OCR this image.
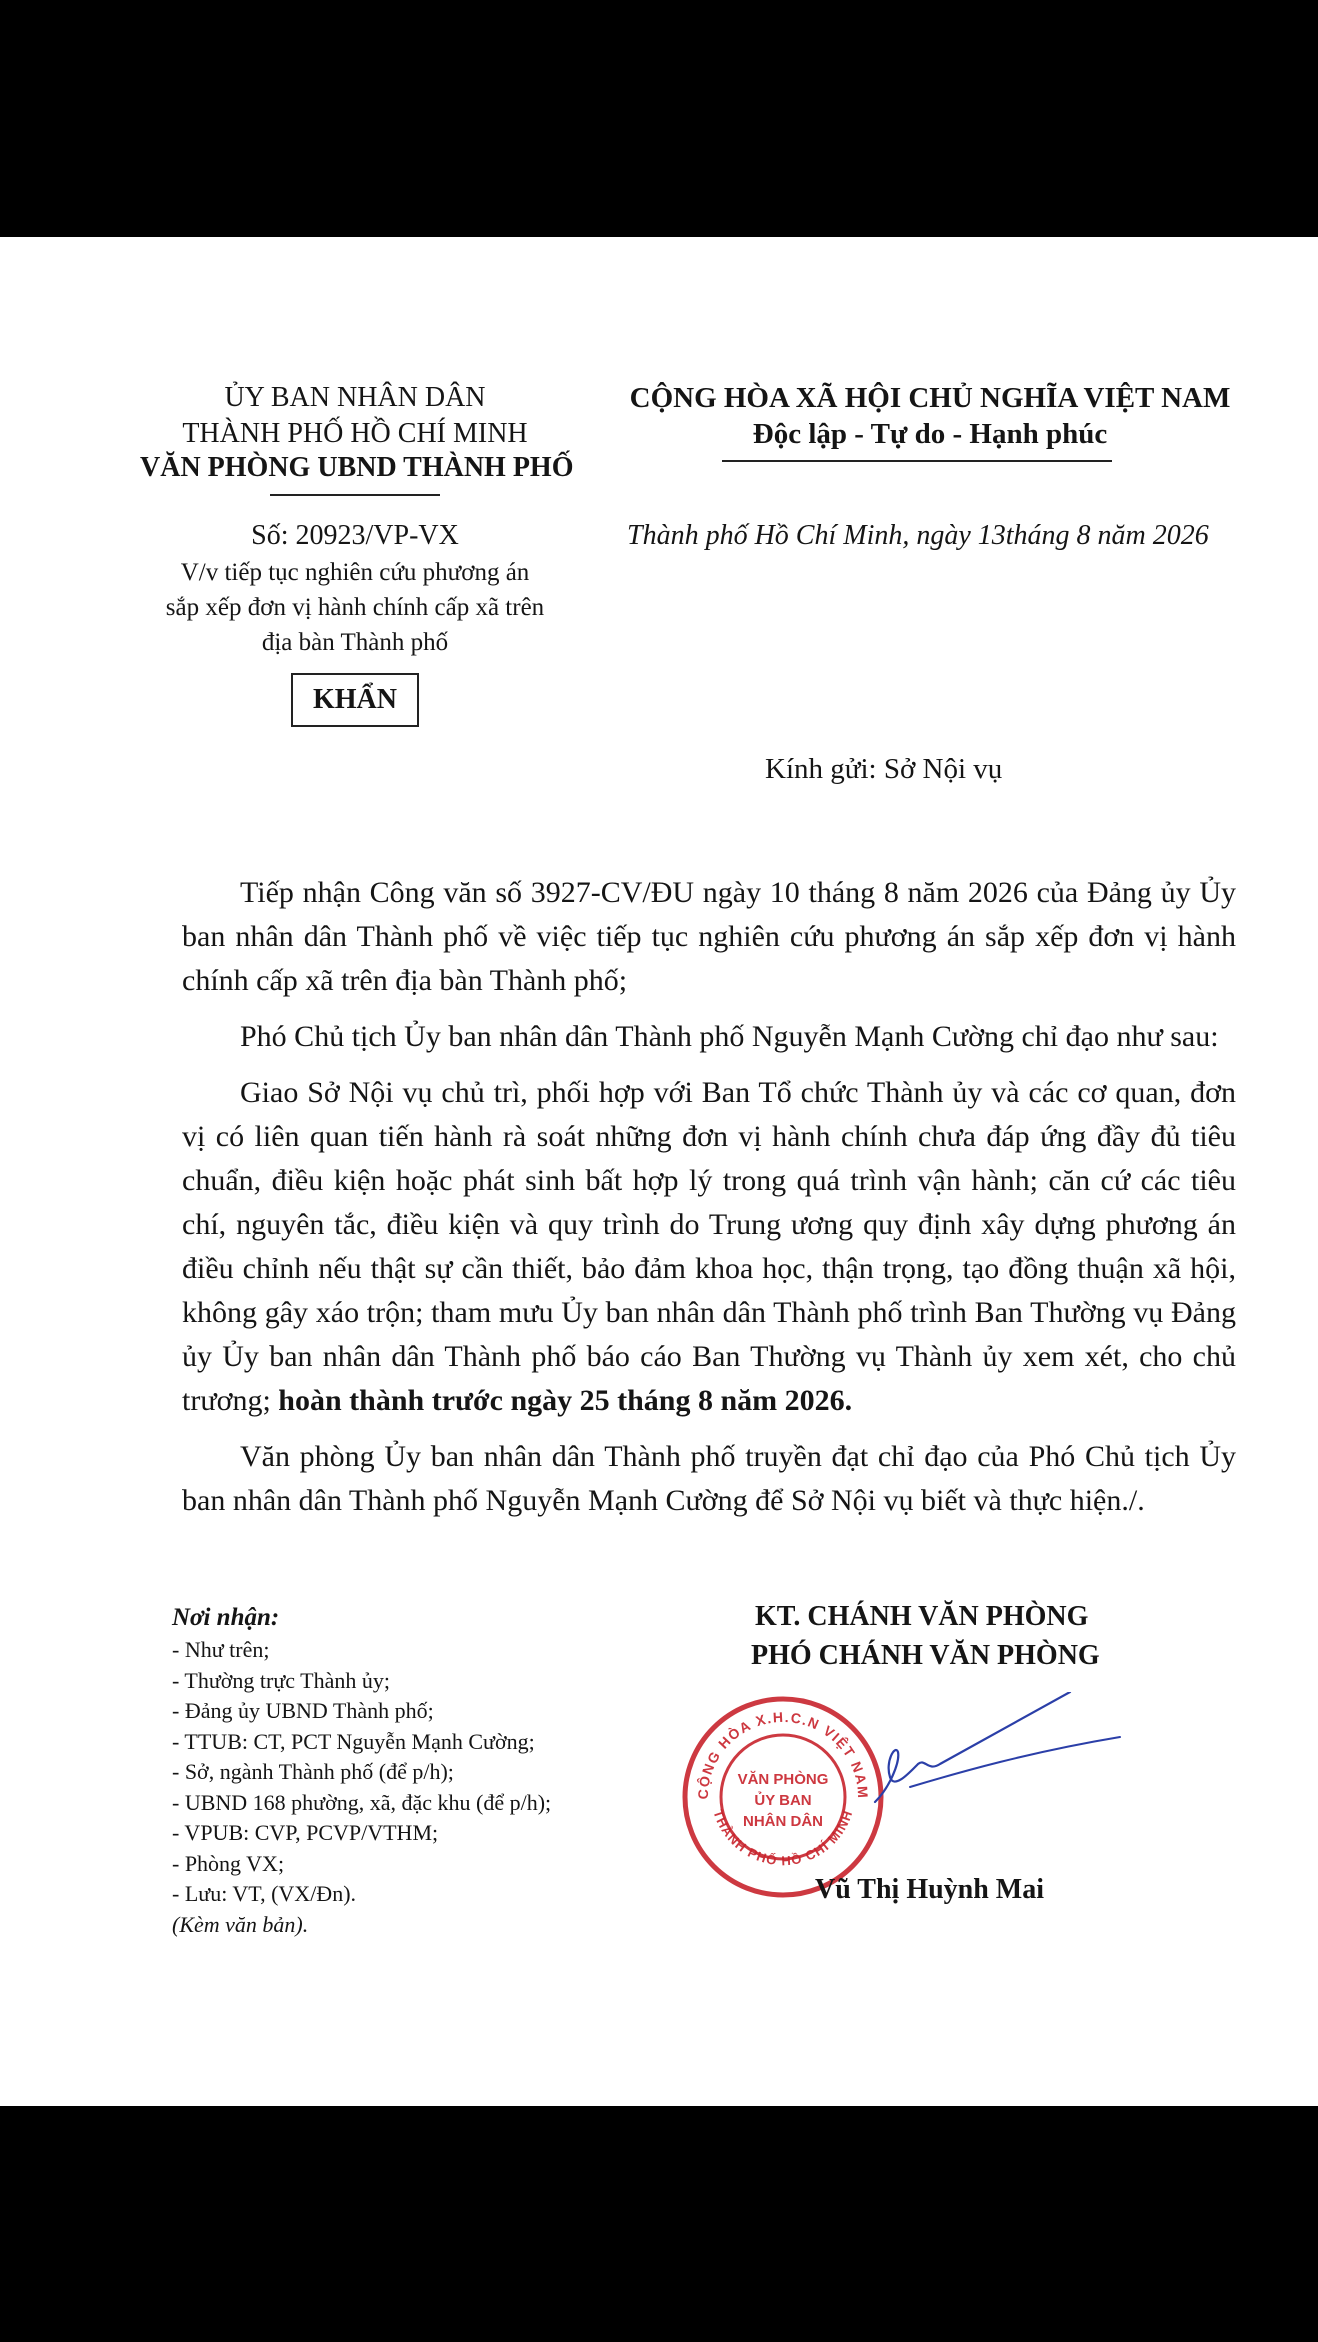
ỦY BAN NHÂN DÂN
THÀNH PHỐ HỒ CHÍ MINH
VĂN PHÒNG UBND THÀNH PHỐ
Số: 20923/VP-VX
V/v tiếp tục nghiên cứu phương án
sắp xếp đơn vị hành chính cấp xã trên
địa bàn Thành phố
KHẨN
CỘNG HÒA XÃ HỘI CHỦ NGHĨA VIỆT NAM
Độc lập - Tự do - Hạnh phúc
Thành phố Hồ Chí Minh, ngày 13tháng 8 năm 2026
Kính gửi: Sở Nội vụ

Tiếp nhận Công văn số 3927-CV/ĐU ngày 10 tháng 8 năm 2026 của Đảng ủy Ủy ban nhân dân Thành phố về việc tiếp tục nghiên cứu phương án sắp xếp đơn vị hành chính cấp xã trên địa bàn Thành phố;

Phó Chủ tịch Ủy ban nhân dân Thành phố Nguyễn Mạnh Cường chỉ đạo như sau:

Giao Sở Nội vụ chủ trì, phối hợp với Ban Tổ chức Thành ủy và các cơ quan, đơn vị có liên quan tiến hành rà soát những đơn vị hành chính chưa đáp ứng đầy đủ tiêu chuẩn, điều kiện hoặc phát sinh bất hợp lý trong quá trình vận hành; căn cứ các tiêu chí, nguyên tắc, điều kiện và quy trình do Trung ương quy định xây dựng phương án điều chỉnh nếu thật sự cần thiết, bảo đảm khoa học, thận trọng, tạo đồng thuận xã hội, không gây xáo trộn; tham mưu Ủy ban nhân dân Thành phố trình Ban Thường vụ Đảng ủy Ủy ban nhân dân Thành phố báo cáo Ban Thường vụ Thành ủy xem xét, cho chủ trương; hoàn thành trước ngày 25 tháng 8 năm 2026.

Văn phòng Ủy ban nhân dân Thành phố truyền đạt chỉ đạo của Phó Chủ tịch Ủy ban nhân dân Thành phố Nguyễn Mạnh Cường để Sở Nội vụ biết và thực hiện./.

Nơi nhận:
- Như trên;
- Thường trực Thành ủy;
- Đảng ủy UBND Thành phố;
- TTUB: CT, PCT Nguyễn Mạnh Cường;
- Sở, ngành Thành phố (để p/h);
- UBND 168 phường, xã, đặc khu (để p/h);
- VPUB: CVP, PCVP/VTHM;
- Phòng VX;
- Lưu: VT, (VX/Đn).
(Kèm văn bản).
KT. CHÁNH VĂN PHÒNG
PHÓ CHÁNH VĂN PHÒNG
CỘNG HÒA X.H.C.N VIỆT NAM
THÀNH PHỐ HỒ CHÍ MINH
VĂN PHÒNG
ỦY BAN
NHÂN DÂN
Vũ Thị Huỳnh Mai
